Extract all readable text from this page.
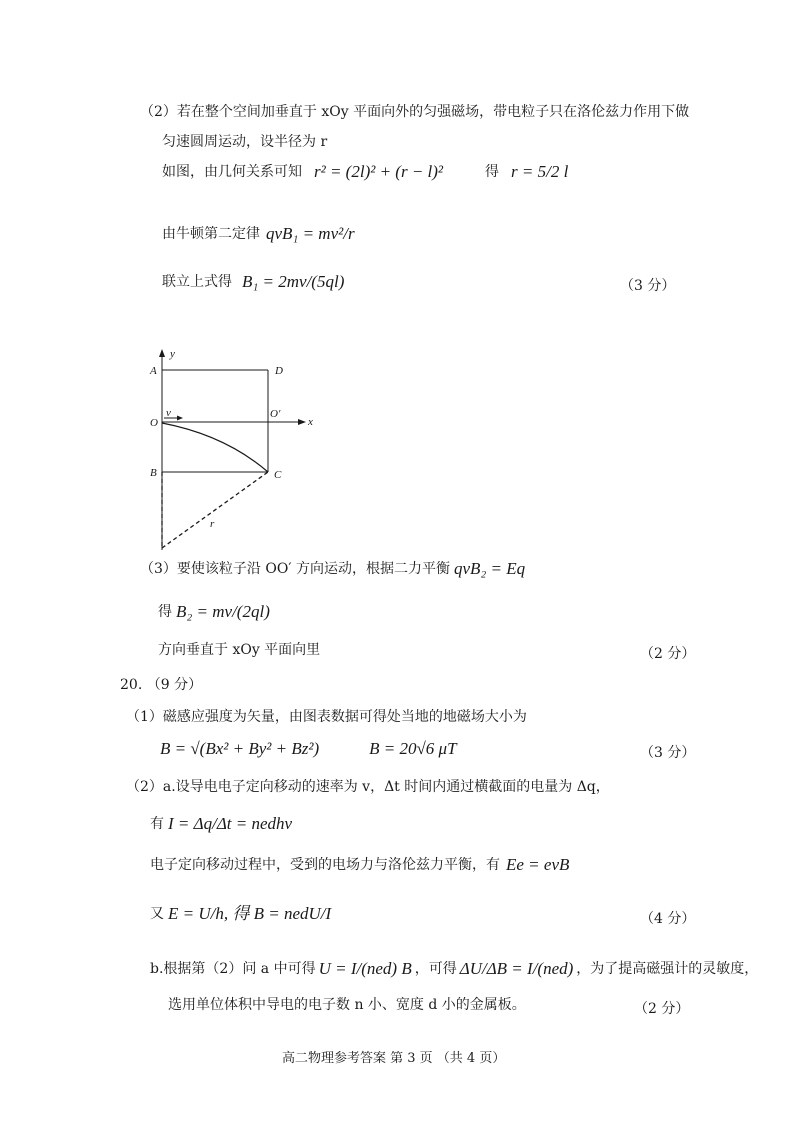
（2）若在整个空间加垂直于 xOy 平面向外的匀强磁场，带电粒子只在洛伦兹力作用下做
匀速圆周运动，设半径为 r
如图，由几何关系可知 r² = (2l)² + (r − l)²	得 r = 5/2 l
由牛顿第二定律 qvB₁ = mv²/r
联立上式得 B₁ = 2mv/(5ql)	（3 分）
y
x
v
r
A	D
O
O′
B	C
（3） 要使该粒子沿 OO′ 方向运动，根据二力平衡 qvB₂ = Eq
得 B₂ = mv/(2ql)
方向垂直于 xOy 平面向里	（2 分）
20. （9 分）
（1）磁感应强度为矢量，由图表数据可得处当地的地磁场大小为
B = √(Bx² + By² + Bz²)	B = 20√6 μT	（3 分）
（2）a.设导电电子定向移动的速率为 v，Δt 时间内通过横截面的电量为 Δq，
有 I = Δq/Δt = nedhv
电子定向移动过程中，受到的电场力与洛伦兹力平衡，有 Ee = evB
又 E = U/h, 得 B = nedU/I	（4 分）
b.根据第（2）问 a 中可得 U = I/(ned) B ，可得 ΔU/ΔB = I/(ned) ，为了提高磁强计的灵敏度，
选用单位体积中导电的电子数 n 小、宽度 d 小的金属板。	（2 分）
高二物理参考答案 第 3 页 （共 4 页）
